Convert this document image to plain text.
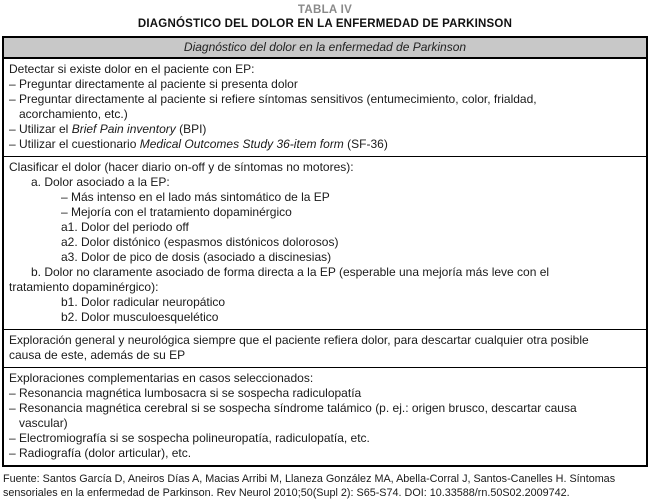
TABLA IV
DIAGNÓSTICO DEL DOLOR EN LA ENFERMEDAD DE PARKINSON
Diagnóstico del dolor en la enfermedad de Parkinson
Detectar si existe dolor en el paciente con EP:
– Preguntar directamente al paciente si presenta dolor
– Preguntar directamente al paciente si refiere síntomas sensitivos (entumecimiento, color, frialdad,
acorchamiento, etc.)
– Utilizar el Brief Pain inventory (BPI)
– Utilizar el cuestionario Medical Outcomes Study 36-item form (SF-36)
Clasificar el dolor (hacer diario on-off y de síntomas no motores):
a. Dolor asociado a la EP:
– Más intenso en el lado más sintomático de la EP
– Mejoría con el tratamiento dopaminérgico
a1. Dolor del periodo off
a2. Dolor distónico (espasmos distónicos dolorosos)
a3. Dolor de pico de dosis (asociado a discinesias)
b. Dolor no claramente asociado de forma directa a la EP (esperable una mejoría más leve con el
tratamiento dopaminérgico):
b1. Dolor radicular neuropático
b2. Dolor musculoesquelético
Exploración general y neurológica siempre que el paciente refiera dolor, para descartar cualquier otra posible
causa de este, además de su EP
Exploraciones complementarias en casos seleccionados:
– Resonancia magnética lumbosacra si se sospecha radiculopatía
– Resonancia magnética cerebral si se sospecha síndrome talámico (p. ej.: origen brusco, descartar causa
vascular)
– Electromiografía si se sospecha polineuropatía, radiculopatía, etc.
– Radiografía (dolor articular), etc.
Fuente: Santos García D, Aneiros Días A, Macias Arribi M, Llaneza González MA, Abella-Corral J, Santos-Canelles H. Síntomas
sensoriales en la enfermedad de Parkinson. Rev Neurol 2010;50(Supl 2): S65-S74. DOI: 10.33588/rn.50S02.2009742.
